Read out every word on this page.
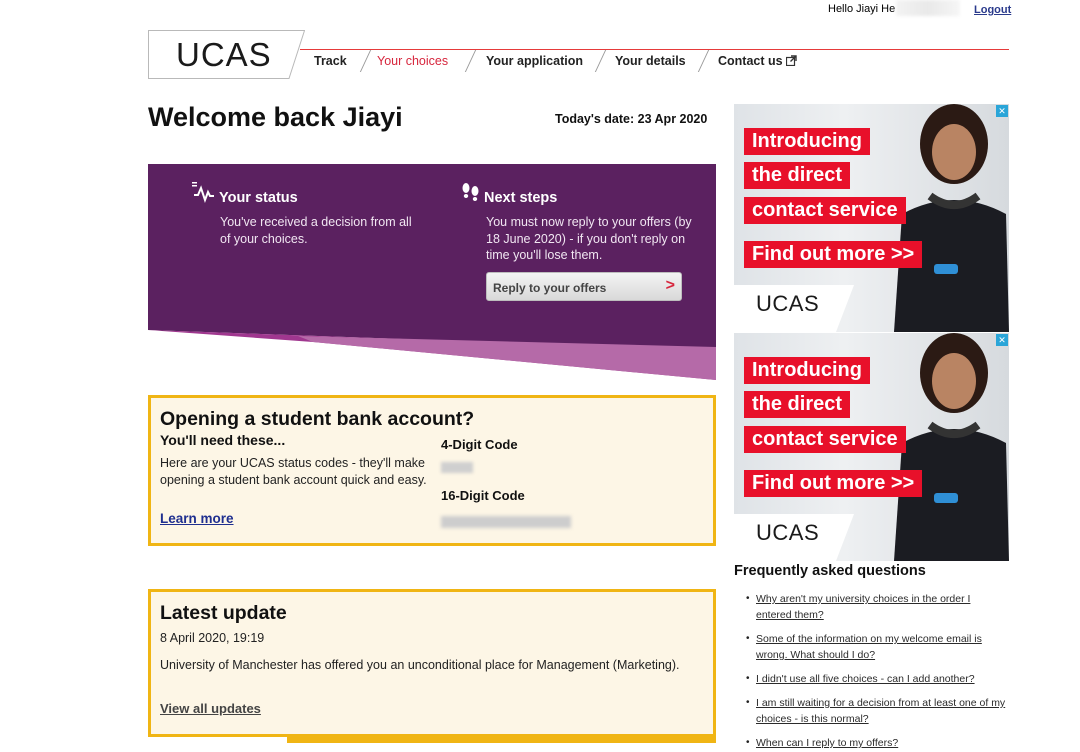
Hello Jiayi He	Logout
UCAS	Track Your choices	Your application	Your details	Contact us
Welcome back Jiayi	Today's date: 23 Apr 2020
Your status
You've received a decision from all of your choices.
Next steps
You must now reply to your offers (by 18 June 2020) - if you don't reply on time you'll lose them.
Reply to your offers	>
Opening a student bank account?
You'll need these...
Here are your UCAS status codes - they'll make opening a student bank account quick and easy.
Learn more
4-Digit Code
16-Digit Code
Latest update
8 April 2020, 19:19
University of Manchester has offered you an unconditional place for Management (Marketing).
View all updates
Introducing
the direct
contact service
Find out more >>
UCAS
✕
Introducing
the direct
contact service
Find out more >>
UCAS
✕
Frequently asked questions
• Why aren't my university choices in the order I entered them?
• Some of the information on my welcome email is wrong. What should I do?
• I didn't use all five choices - can I add another?
• I am still waiting for a decision from at least one of my choices - is this normal?
• When can I reply to my offers?
